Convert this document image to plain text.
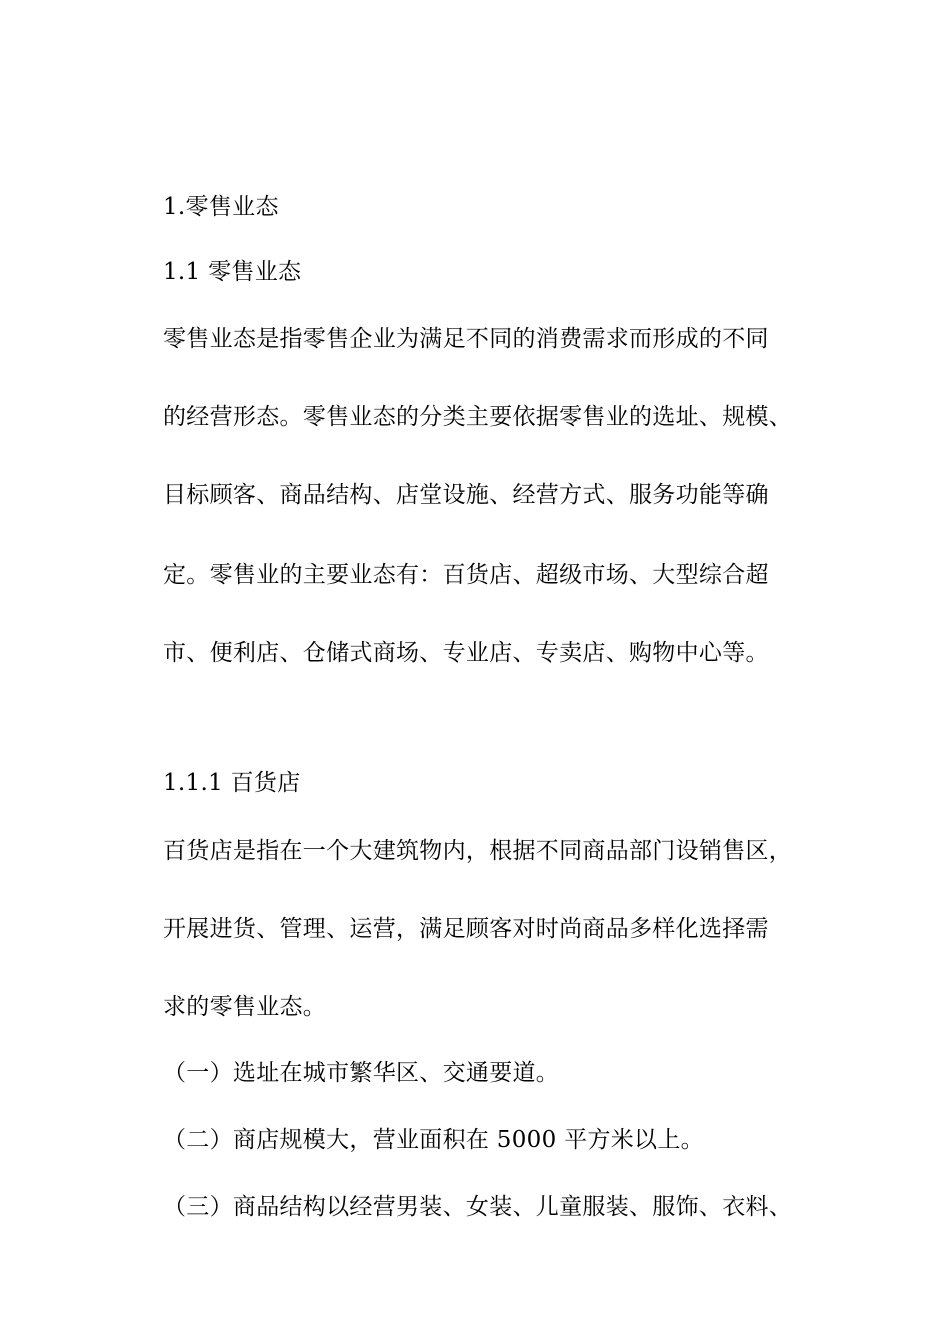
1.零售业态
1.1 零售业态
零售业态是指零售企业为满足不同的消费需求而形成的不同
的经营形态。零售业态的分类主要依据零售业的选址、规模、
目标顾客、商品结构、店堂设施、经营方式、服务功能等确
定。零售业的主要业态有：百货店、超级市场、大型综合超
市、便利店、仓储式商场、专业店、专卖店、购物中心等。
1.1.1 百货店
百货店是指在一个大建筑物内，根据不同商品部门设销售区，
开展进货、管理、运营，满足顾客对时尚商品多样化选择需
求的零售业态。
（一）选址在城市繁华区、交通要道。
（二）商店规模大，营业面积在 5000 平方米以上。
（三）商品结构以经营男装、女装、儿童服装、服饰、衣料、
